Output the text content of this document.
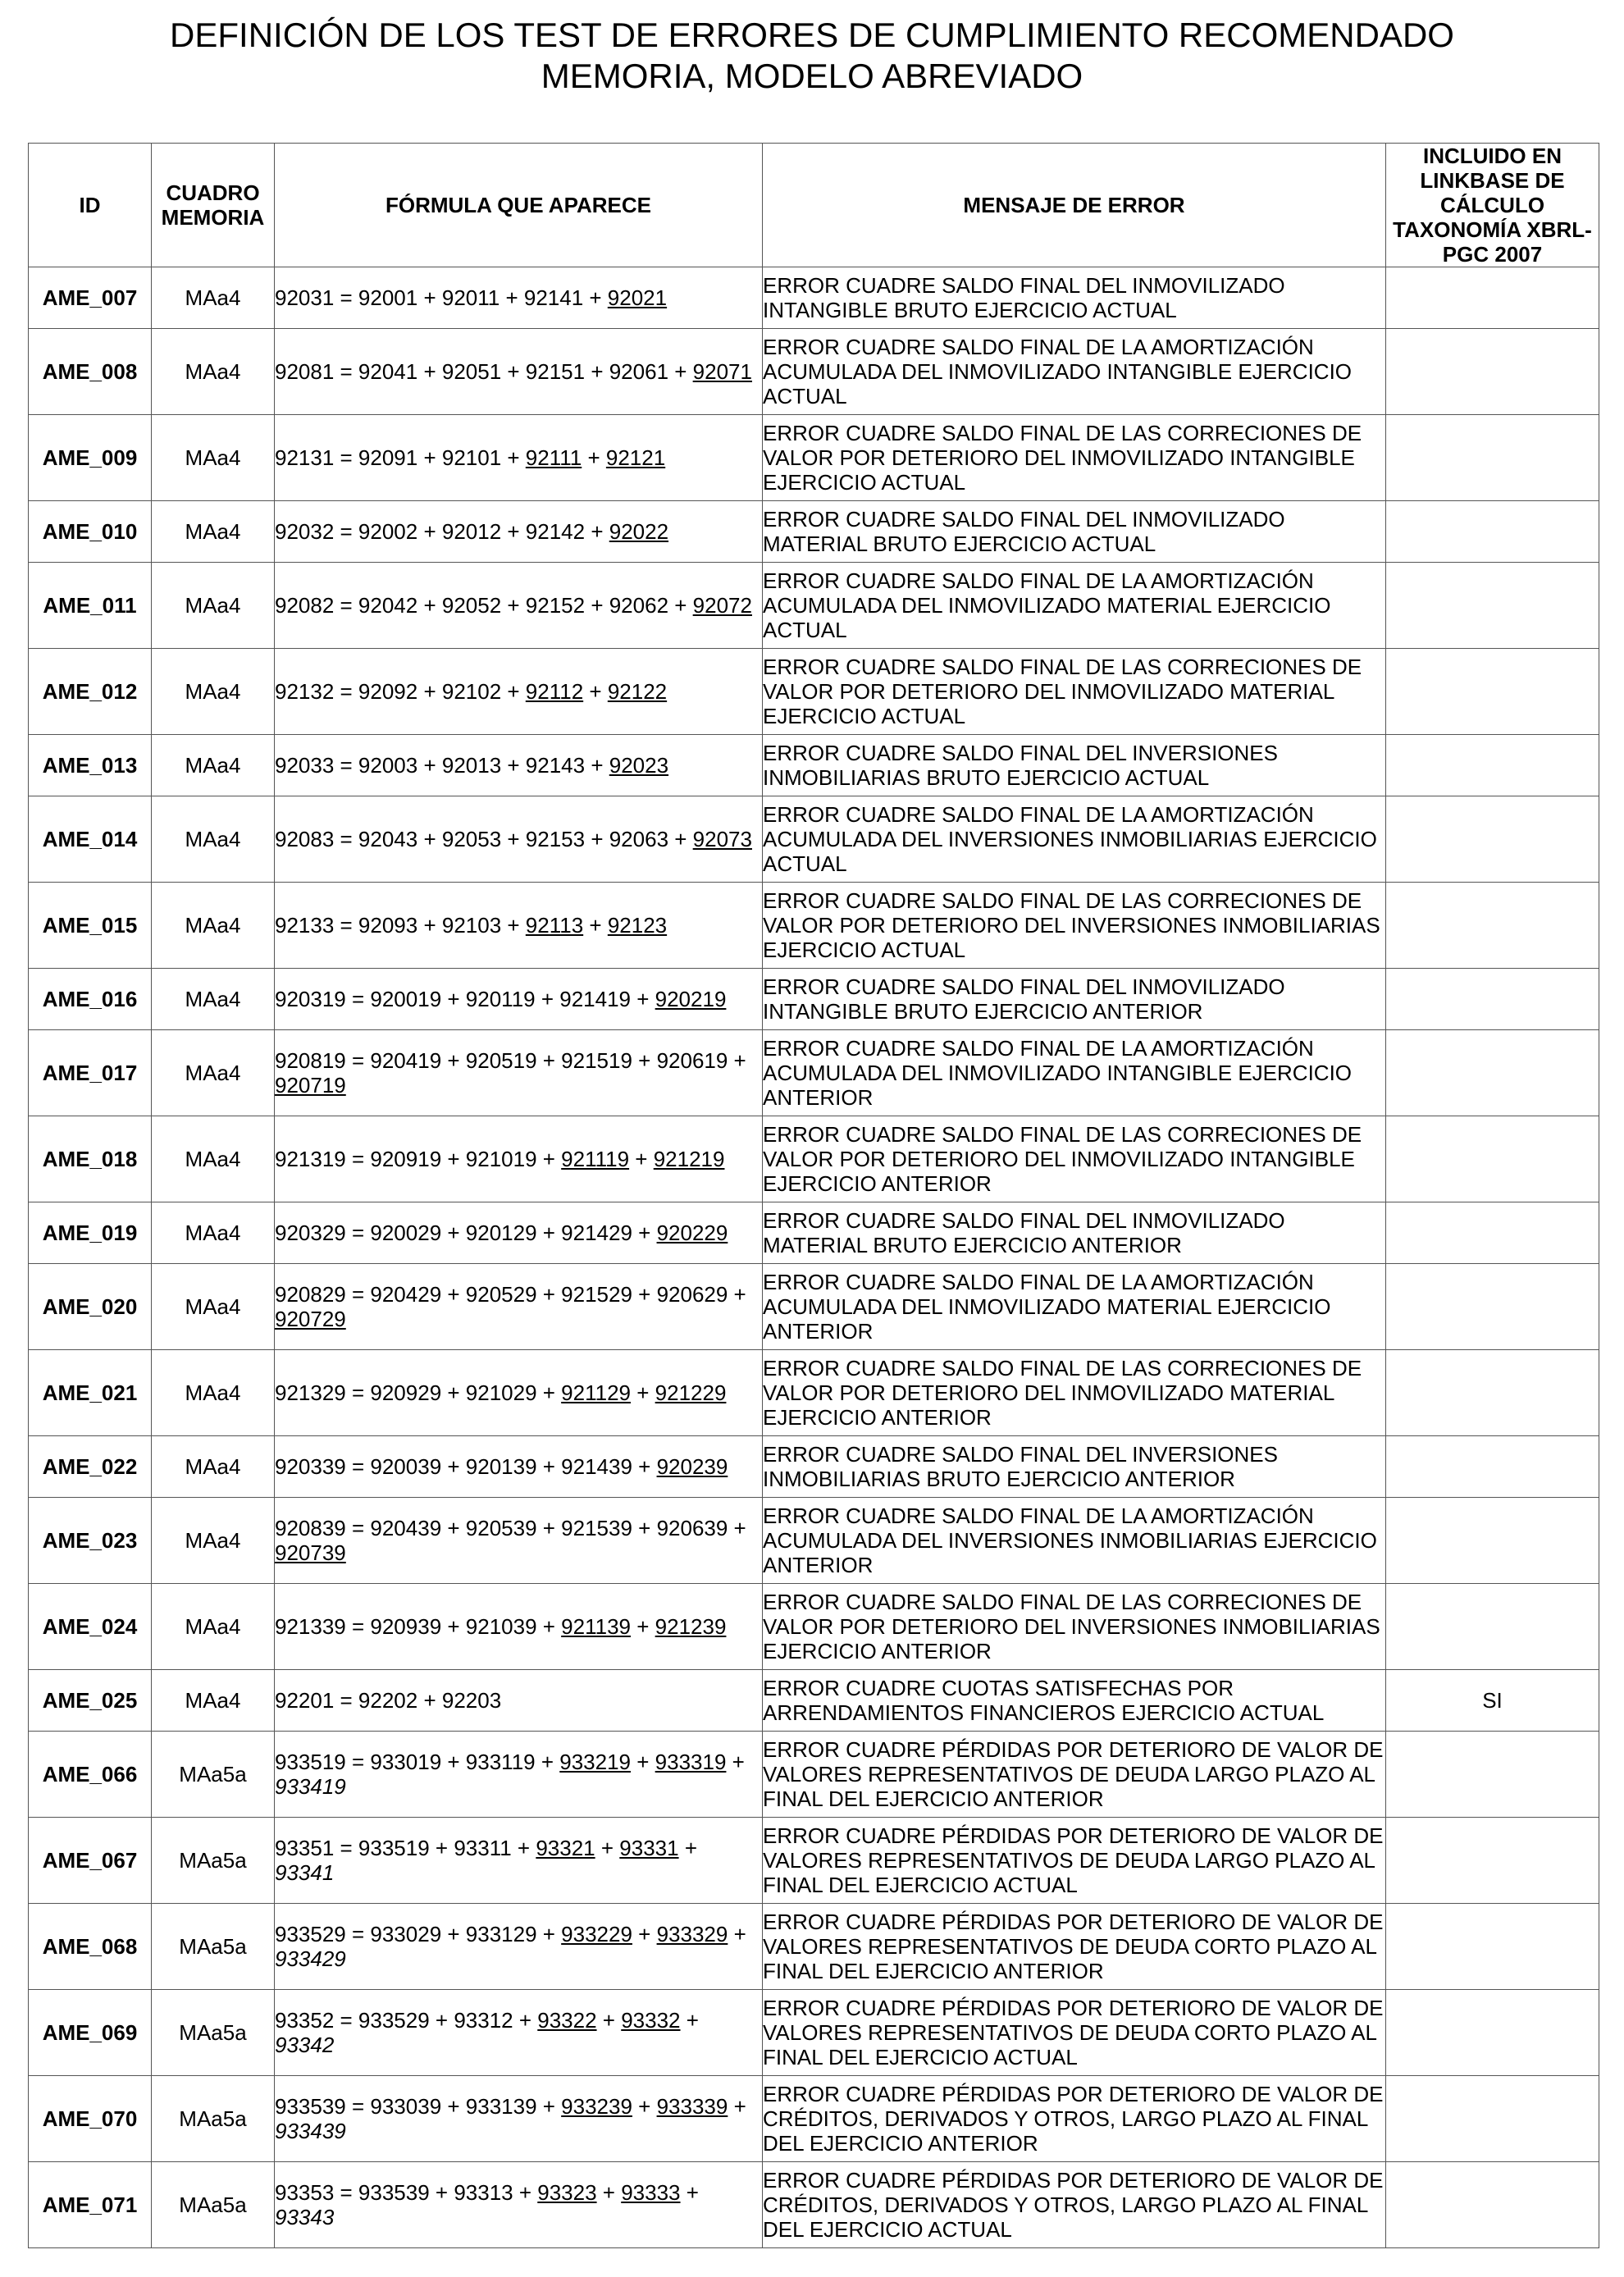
DEFINICIÓN DE LOS TEST DE ERRORES DE CUMPLIMIENTO RECOMENDADO
MEMORIA, MODELO ABREVIADO
ID	CUADRO MEMORIA	FÓRMULA QUE APARECE	MENSAJE DE ERROR	INCLUIDO EN LINKBASE DE CÁLCULO TAXONOMÍA XBRL-PGC 2007
AME_007	MAa4	92031 = 92001 + 92011 + 92141 + 92021	ERROR CUADRE SALDO FINAL DEL INMOVILIZADO INTANGIBLE BRUTO EJERCICIO ACTUAL	
AME_008	MAa4	92081 = 92041 + 92051 + 92151 + 92061 + 92071	ERROR CUADRE SALDO FINAL DE LA AMORTIZACIÓN ACUMULADA DEL INMOVILIZADO INTANGIBLE EJERCICIO ACTUAL	
AME_009	MAa4	92131 = 92091 + 92101 + 92111 + 92121	ERROR CUADRE SALDO FINAL DE LAS CORRECIONES DE VALOR POR DETERIORO DEL INMOVILIZADO INTANGIBLE EJERCICIO ACTUAL	
AME_010	MAa4	92032 = 92002 + 92012 + 92142 + 92022	ERROR CUADRE SALDO FINAL DEL INMOVILIZADO MATERIAL BRUTO EJERCICIO ACTUAL	
AME_011	MAa4	92082 = 92042 + 92052 + 92152 + 92062 + 92072	ERROR CUADRE SALDO FINAL DE LA AMORTIZACIÓN ACUMULADA DEL INMOVILIZADO MATERIAL EJERCICIO ACTUAL	
AME_012	MAa4	92132 = 92092 + 92102 + 92112 + 92122	ERROR CUADRE SALDO FINAL DE LAS CORRECIONES DE VALOR POR DETERIORO DEL INMOVILIZADO MATERIAL EJERCICIO ACTUAL	
AME_013	MAa4	92033 = 92003 + 92013 + 92143 + 92023	ERROR CUADRE SALDO FINAL DEL INVERSIONES INMOBILIARIAS BRUTO EJERCICIO ACTUAL	
AME_014	MAa4	92083 = 92043 + 92053 + 92153 + 92063 + 92073	ERROR CUADRE SALDO FINAL DE LA AMORTIZACIÓN ACUMULADA DEL INVERSIONES INMOBILIARIAS EJERCICIO ACTUAL	
AME_015	MAa4	92133 = 92093 + 92103 + 92113 + 92123	ERROR CUADRE SALDO FINAL DE LAS CORRECIONES DE VALOR POR DETERIORO DEL INVERSIONES INMOBILIARIAS EJERCICIO ACTUAL	
AME_016	MAa4	920319 = 920019 + 920119 + 921419 + 920219	ERROR CUADRE SALDO FINAL DEL INMOVILIZADO INTANGIBLE BRUTO EJERCICIO ANTERIOR	
AME_017	MAa4	920819 = 920419 + 920519 + 921519 + 920619 + 920719	ERROR CUADRE SALDO FINAL DE LA AMORTIZACIÓN ACUMULADA DEL INMOVILIZADO INTANGIBLE EJERCICIO ANTERIOR	
AME_018	MAa4	921319 = 920919 + 921019 + 921119 + 921219	ERROR CUADRE SALDO FINAL DE LAS CORRECIONES DE VALOR POR DETERIORO DEL INMOVILIZADO INTANGIBLE EJERCICIO ANTERIOR	
AME_019	MAa4	920329 = 920029 + 920129 + 921429 + 920229	ERROR CUADRE SALDO FINAL DEL INMOVILIZADO MATERIAL BRUTO EJERCICIO ANTERIOR	
AME_020	MAa4	920829 = 920429 + 920529 + 921529 + 920629 + 920729	ERROR CUADRE SALDO FINAL DE LA AMORTIZACIÓN ACUMULADA DEL INMOVILIZADO MATERIAL EJERCICIO ANTERIOR	
AME_021	MAa4	921329 = 920929 + 921029 + 921129 + 921229	ERROR CUADRE SALDO FINAL DE LAS CORRECIONES DE VALOR POR DETERIORO DEL INMOVILIZADO MATERIAL EJERCICIO ANTERIOR	
AME_022	MAa4	920339 = 920039 + 920139 + 921439 + 920239	ERROR CUADRE SALDO FINAL DEL INVERSIONES INMOBILIARIAS BRUTO EJERCICIO ANTERIOR	
AME_023	MAa4	920839 = 920439 + 920539 + 921539 + 920639 + 920739	ERROR CUADRE SALDO FINAL DE LA AMORTIZACIÓN ACUMULADA DEL INVERSIONES INMOBILIARIAS EJERCICIO ANTERIOR	
AME_024	MAa4	921339 = 920939 + 921039 + 921139 + 921239	ERROR CUADRE SALDO FINAL DE LAS CORRECIONES DE VALOR POR DETERIORO DEL INVERSIONES INMOBILIARIAS EJERCICIO ANTERIOR	
AME_025	MAa4	92201 = 92202 + 92203	ERROR CUADRE CUOTAS SATISFECHAS POR ARRENDAMIENTOS FINANCIEROS EJERCICIO ACTUAL	SI
AME_066	MAa5a	933519 = 933019 + 933119 + 933219 + 933319 + 933419	ERROR CUADRE PÉRDIDAS POR DETERIORO DE VALOR DE VALORES REPRESENTATIVOS DE DEUDA LARGO PLAZO AL FINAL DEL EJERCICIO ANTERIOR	
AME_067	MAa5a	93351 = 933519 + 93311 + 93321 + 93331 + 93341	ERROR CUADRE PÉRDIDAS POR DETERIORO DE VALOR DE VALORES REPRESENTATIVOS DE DEUDA LARGO PLAZO AL FINAL DEL EJERCICIO ACTUAL	
AME_068	MAa5a	933529 = 933029 + 933129 + 933229 + 933329 + 933429	ERROR CUADRE PÉRDIDAS POR DETERIORO DE VALOR DE VALORES REPRESENTATIVOS DE DEUDA CORTO PLAZO AL FINAL DEL EJERCICIO ANTERIOR	
AME_069	MAa5a	93352 = 933529 + 93312 + 93322 + 93332 + 93342	ERROR CUADRE PÉRDIDAS POR DETERIORO DE VALOR DE VALORES REPRESENTATIVOS DE DEUDA CORTO PLAZO AL FINAL DEL EJERCICIO ACTUAL	
AME_070	MAa5a	933539 = 933039 + 933139 + 933239 + 933339 + 933439	ERROR CUADRE PÉRDIDAS POR DETERIORO DE VALOR DE CRÉDITOS, DERIVADOS Y OTROS, LARGO PLAZO AL FINAL DEL EJERCICIO ANTERIOR	
AME_071	MAa5a	93353 = 933539 + 93313 + 93323 + 93333 + 93343	ERROR CUADRE PÉRDIDAS POR DETERIORO DE VALOR DE CRÉDITOS, DERIVADOS Y OTROS, LARGO PLAZO AL FINAL DEL EJERCICIO ACTUAL	
